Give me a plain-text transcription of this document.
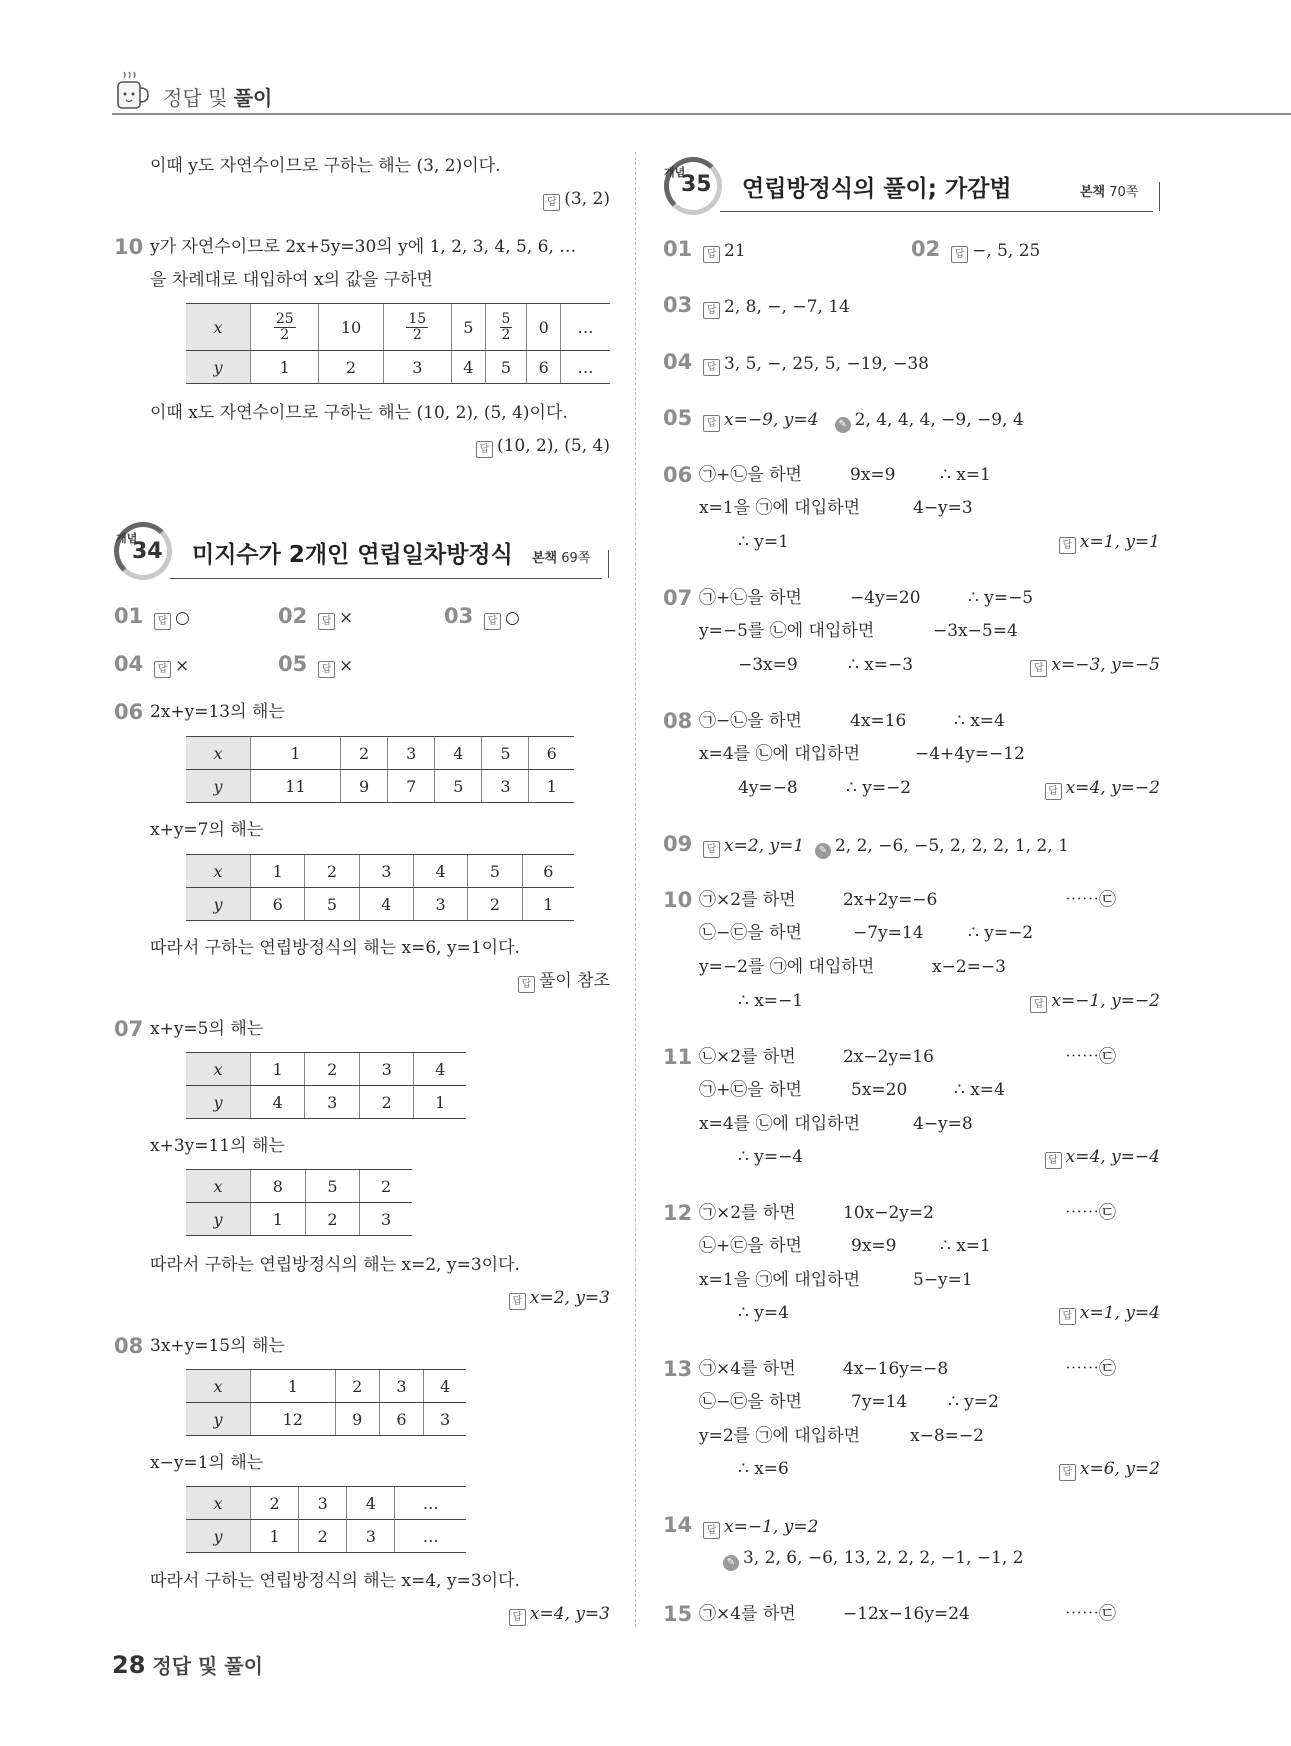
정답 및 풀이
이때 y도 자연수이므로 구하는 해는 (3, 2)이다.
답 (3, 2)
10 y가 자연수이므로 2x+5y=30의 y에 1, 2, 3, 4, 5, 6, …
을 차례대로 대입하여 x의 값을 구하면
x	$\frac{25}{2}$	10	$\frac{15}{2}$	5	$\frac{5}{2}$	0	…
y	1	2	3	4	5	6	…
이때 x도 자연수이므로 구하는 해는 (10, 2), (5, 4)이다.
답 (10, 2), (5, 4)
개념
34 미지수가 2개인 연립일차방정식 본책 69쪽
01 답 ○	02 답 ×	03 답 ○
04 답 ×	05 답 ×
06 2x+y=13의 해는
x	1	2	3	4	5	6
y	11	9	7	5	3	1
x+y=7의 해는
x	1	2	3	4	5	6
y	6	5	4	3	2	1
따라서 구하는 연립방정식의 해는 x=6, y=1이다.
답 풀이 참조
07 x+y=5의 해는
x	1	2	3	4
y	4	3	2	1
x+3y=11의 해는
x	8	5	2
y	1	2	3
따라서 구하는 연립방정식의 해는 x=2, y=3이다.
답 x=2, y=3
08 3x+y=15의 해는
x	1	2	3	4
y	12	9	6	3
x−y=1의 해는
x	2	3	4	…
y	1	2	3	…
따라서 구하는 연립방정식의 해는 x=4, y=3이다.
답 x=4, y=3
개념
35 연립방정식의 풀이; 가감법	본책 70쪽
01 답 21	02 답 −, 5, 25
03 답 2, 8, −, −7, 14
04 답 3, 5, −, 25, 5, −19, −38
05 답 x=−9, y=4 ✎ 2, 4, 4, 4, −9, −9, 4
06 ㉠+㉡을 하면	9x=9	∴ x=1
x=1을 ㉠에 대입하면	4−y=3
∴ y=1	답 x=1, y=1
07 ㉠+㉡을 하면	−4y=20	∴ y=−5
y=−5를 ㉡에 대입하면	−3x−5=4
−3x=9	∴ x=−3	답 x=−3, y=−5
08 ㉠−㉡을 하면	4x=16	∴ x=4
x=4를 ㉡에 대입하면	−4+4y=−12
4y=−8	∴ y=−2	답 x=4, y=−2
09 답 x=2, y=1 ✎ 2, 2, −6, −5, 2, 2, 2, 1, 2, 1
10 ㉠×2를 하면	2x+2y=−6	⋯⋯㉢
㉡−㉢을 하면	−7y=14	∴ y=−2
y=−2를 ㉠에 대입하면	x−2=−3
∴ x=−1	답 x=−1, y=−2
11 ㉡×2를 하면	2x−2y=16	⋯⋯㉢
㉠+㉢을 하면	5x=20	∴ x=4
x=4를 ㉡에 대입하면	4−y=8
∴ y=−4	답 x=4, y=−4
12 ㉠×2를 하면	10x−2y=2	⋯⋯㉢
㉡+㉢을 하면	9x=9	∴ x=1
x=1을 ㉠에 대입하면	5−y=1
∴ y=4	답 x=1, y=4
13 ㉠×4를 하면	4x−16y=−8	⋯⋯㉢
㉡−㉢을 하면	7y=14 ∴ y=2
y=2를 ㉠에 대입하면	x−8=−2
∴ x=6	답 x=6, y=2
14 답 x=−1, y=2
✎ 3, 2, 6, −6, 13, 2, 2, 2, −1, −1, 2
15 ㉠×4를 하면	−12x−16y=24	⋯⋯㉢
28 정답 및 풀이
